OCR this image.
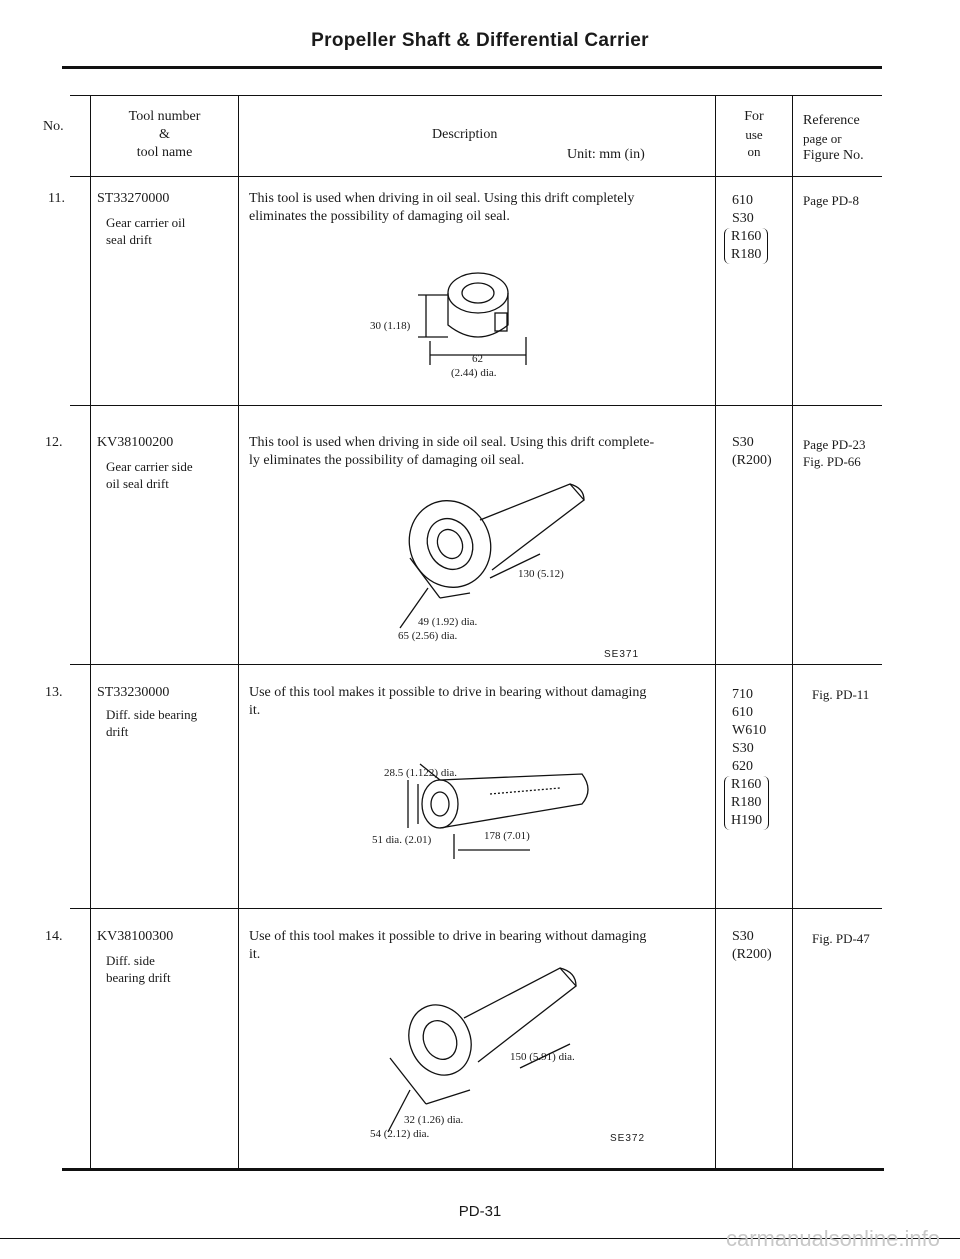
Propeller Shaft & Differential Carrier
No.
Tool number
&
tool name
Description
Unit: mm (in)
For
use
on
Reference
page or
Figure No.
11. ST33270000
Gear carrier oil
seal drift
This tool is used when driving in oil seal. Using this drift completely
eliminates the possibility of damaging oil seal.
610
S30
R160
R180
Page PD-8
30 (1.18)
62
(2.44) dia.
12. KV38100200
Gear carrier side
oil seal drift
This tool is used when driving in side oil seal. Using this drift complete-
ly eliminates the possibility of damaging oil seal.
S30
(R200)
Page PD-23
Fig. PD-66
130 (5.12)
49 (1.92) dia.
65 (2.56) dia.
SE371
13. ST33230000
Diff. side bearing
drift
Use of this tool makes it possible to drive in bearing without damaging
it.
710
610
W610
S30
620
R160
R180
H190
Fig. PD-11
28.5 (1.122) dia.
51 dia. (2.01)	178 (7.01)
14. KV38100300
Diff. side
bearing drift
Use of this tool makes it possible to drive in bearing without damaging
it.
S30
(R200)
Fig. PD-47
150 (5.91) dia.
32 (1.26) dia.
54 (2.12) dia.	SE372
PD-31
carmanualsonline.info
